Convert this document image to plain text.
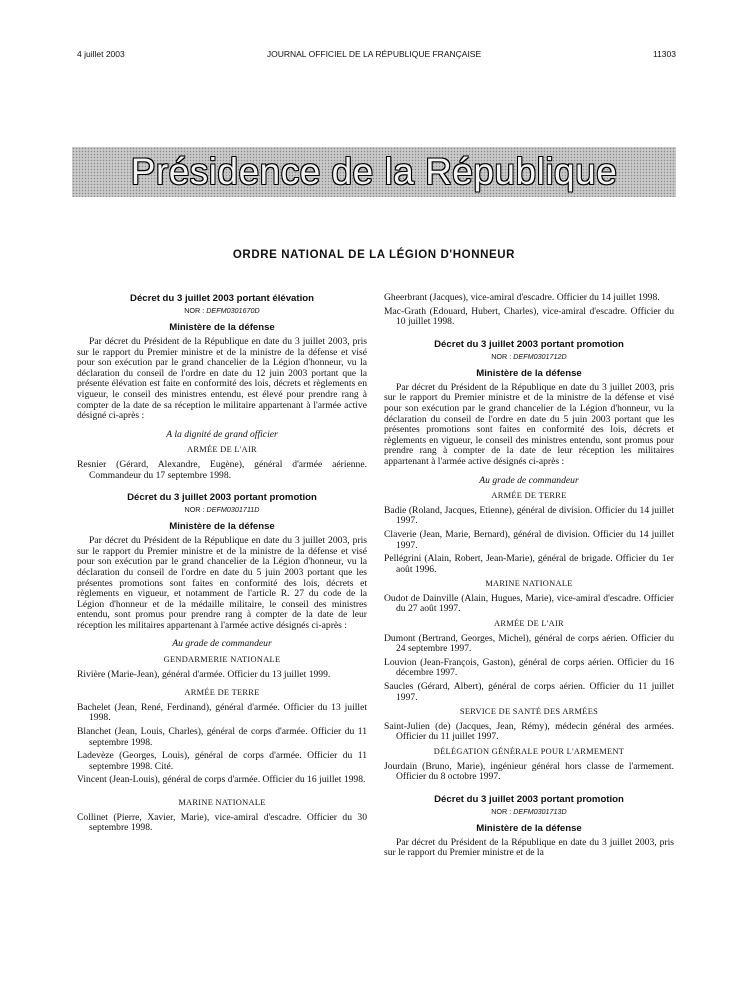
4 juillet 2003	JOURNAL OFFICIEL DE LA RÉPUBLIQUE FRANÇAISE	11303
Présidence de la République
ORDRE NATIONAL DE LA LÉGION D'HONNEUR
Décret du 3 juillet 2003 portant élévation
NOR : DEFM0301670D
Ministère de la défense

Par décret du Président de la République en date du 3 juillet 2003, pris sur le rapport du Premier ministre et de la ministre de la défense et visé pour son exécution par le grand chancelier de la Légion d'honneur, vu la déclaration du conseil de l'ordre en date du 12 juin 2003 portant que la présente élévation est faite en conformité des lois, décrets et règlements en vigueur, le conseil des ministres entendu, est élevé pour prendre rang à compter de la date de sa réception le militaire appartenant à l'armée active désigné ci-après :

A la dignité de grand officier
ARMÉE DE L'AIR

Resnier (Gérard, Alexandre, Eugène), général d'armée aérienne. Commandeur du 17 septembre 1998.

Décret du 3 juillet 2003 portant promotion
NOR : DEFM0301711D
Ministère de la défense

Par décret du Président de la République en date du 3 juillet 2003, pris sur le rapport du Premier ministre et de la ministre de la défense et visé pour son exécution par le grand chancelier de la Légion d'honneur, vu la déclaration du conseil de l'ordre en date du 5 juin 2003 portant que les présentes promotions sont faites en conformité des lois, décrets et règlements en vigueur, et notamment de l'article R. 27 du code de la Légion d'honneur et de la médaille militaire, le conseil des ministres entendu, sont promus pour prendre rang à compter de la date de leur réception les militaires appartenant à l'armée active désignés ci-après :

Au grade de commandeur
GENDARMERIE NATIONALE

Rivière (Marie-Jean), général d'armée. Officier du 13 juillet 1999.

ARMÉE DE TERRE

Bachelet (Jean, René, Ferdinand), général d'armée. Officier du 13 juillet 1998.

Blanchet (Jean, Louis, Charles), général de corps d'armée. Officier du 11 septembre 1998.

Ladevèze (Georges, Louis), général de corps d'armée. Officier du 11 septembre 1998. Cité.

Vincent (Jean-Louis), général de corps d'armée. Officier du 16 juillet 1998.

MARINE NATIONALE

Collinet (Pierre, Xavier, Marie), vice-amiral d'escadre. Officier du 30 septembre 1998.

Gheerbrant (Jacques), vice-amiral d'escadre. Officier du 14 juillet 1998.

Mac-Grath (Edouard, Hubert, Charles), vice-amiral d'escadre. Officier du 10 juillet 1998.

Décret du 3 juillet 2003 portant promotion
NOR : DEFM0301712D
Ministère de la défense

Par décret du Président de la République en date du 3 juillet 2003, pris sur le rapport du Premier ministre et de la ministre de la défense et visé pour son exécution par le grand chancelier de la Légion d'honneur, vu la déclaration du conseil de l'ordre en date du 5 juin 2003 portant que les présentes promotions sont faites en conformité des lois, décrets et règlements en vigueur, le conseil des ministres entendu, sont promus pour prendre rang à compter de la date de leur réception les militaires appartenant à l'armée active désignés ci-après :

Au grade de commandeur
ARMÉE DE TERRE

Badie (Roland, Jacques, Etienne), général de division. Officier du 14 juillet 1997.

Claverie (Jean, Marie, Bernard), général de division. Officier du 14 juillet 1997.

Pellégrini (Alain, Robert, Jean-Marie), général de brigade. Officier du 1er août 1996.

MARINE NATIONALE

Oudot de Dainville (Alain, Hugues, Marie), vice-amiral d'escadre. Officier du 27 août 1997.

ARMÉE DE L'AIR

Dumont (Bertrand, Georges, Michel), général de corps aérien. Officier du 24 septembre 1997.

Louvion (Jean-François, Gaston), général de corps aérien. Officier du 16 décembre 1997.

Saucles (Gérard, Albert), général de corps aérien. Officier du 11 juillet 1997.

SERVICE DE SANTÉ DES ARMÉES

Saint-Julien (de) (Jacques, Jean, Rémy), médecin général des armées. Officier du 11 juillet 1997.

DÉLÉGATION GÉNÉRALE POUR L'ARMEMENT

Jourdain (Bruno, Marie), ingénieur général hors classe de l'armement. Officier du 8 octobre 1997.

Décret du 3 juillet 2003 portant promotion
NOR : DEFM0301713D
Ministère de la défense

Par décret du Président de la République en date du 3 juillet 2003, pris sur le rapport du Premier ministre et de la
